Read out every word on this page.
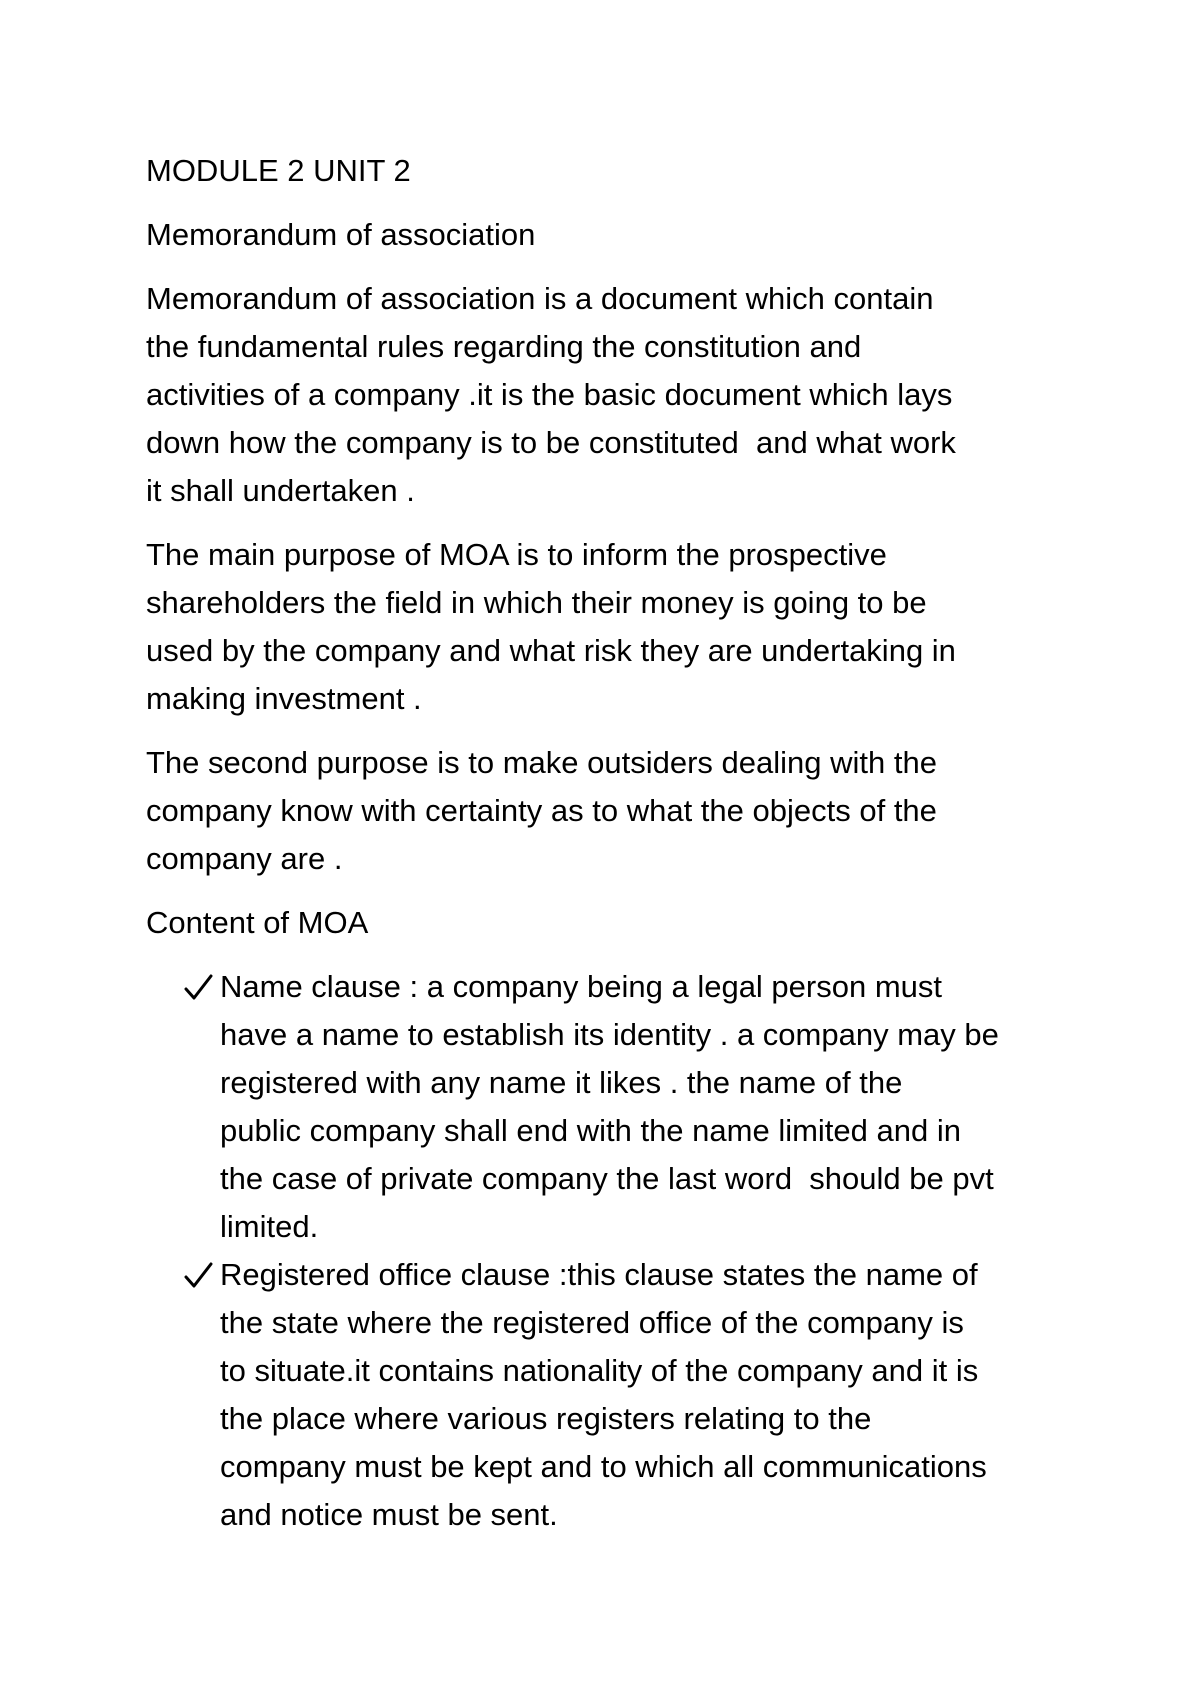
MODULE 2 UNIT 2

Memorandum of association

Memorandum of association is a document which contain

the fundamental rules regarding the constitution and

activities of a company .it is the basic document which lays

down how the company is to be constituted  and what work

it shall undertaken .

The main purpose of MOA is to inform the prospective

shareholders the field in which their money is going to be

used by the company and what risk they are undertaking in

making investment .

The second purpose is to make outsiders dealing with the

company know with certainty as to what the objects of the

company are .

Content of MOA

Name clause : a company being a legal person must

have a name to establish its identity . a company may be

registered with any name it likes . the name of the

public company shall end with the name limited and in

the case of private company the last word  should be pvt

limited.

Registered office clause :this clause states the name of

the state where the registered office of the company is

to situate.it contains nationality of the company and it is

the place where various registers relating to the

company must be kept and to which all communications

and notice must be sent.
